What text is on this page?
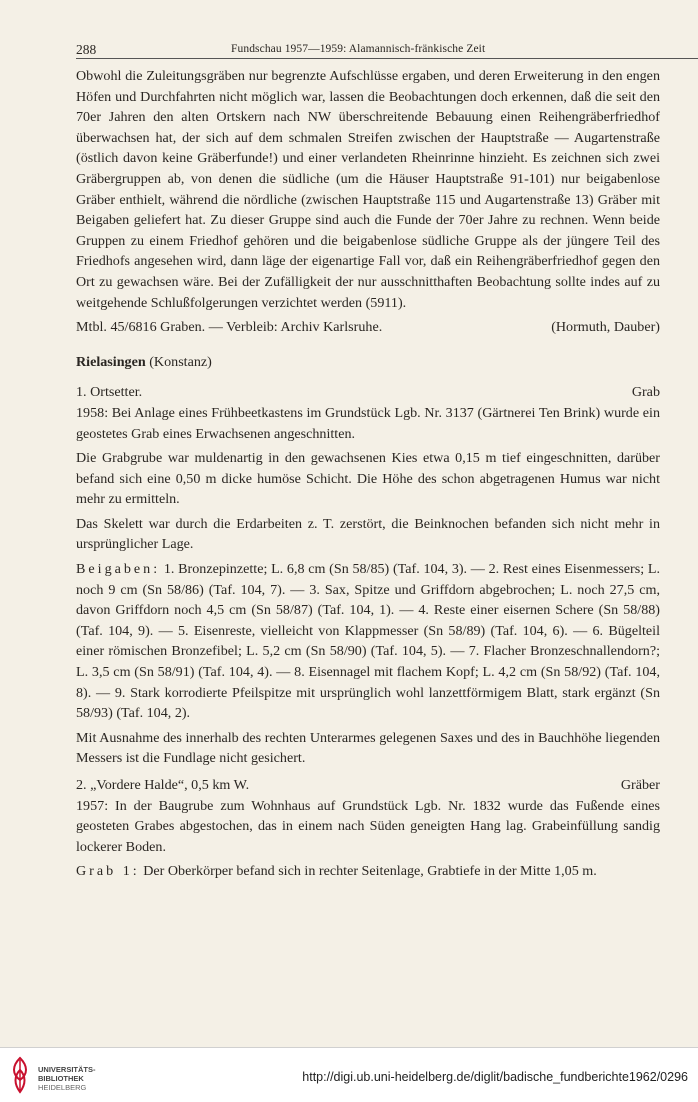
288	Fundschau 1957—1959: Alamannisch-fränkische Zeit

Obwohl die Zuleitungsgräben nur begrenzte Aufschlüsse ergaben, und deren Erweiterung in den engen Höfen und Durchfahrten nicht möglich war, lassen die Beobachtungen doch erkennen, daß die seit den 70er Jahren den alten Ortskern nach NW überschreitende Bebauung einen Reihengräberfriedhof überwachsen hat, der sich auf dem schmalen Streifen zwischen der Hauptstraße — Augartenstraße (östlich davon keine Gräberfunde!) und einer verlandeten Rheinrinne hinzieht. Es zeichnen sich zwei Gräbergruppen ab, von denen die südliche (um die Häuser Hauptstraße 91-101) nur beigabenlose Gräber enthielt, während die nördliche (zwischen Hauptstraße 115 und Augartenstraße 13) Gräber mit Beigaben geliefert hat. Zu dieser Gruppe sind auch die Funde der 70er Jahre zu rechnen. Wenn beide Gruppen zu einem Friedhof gehören und die beigabenlose südliche Gruppe als der jüngere Teil des Friedhofs angesehen wird, dann läge der eigenartige Fall vor, daß ein Reihengräberfriedhof gegen den Ort zu gewachsen wäre. Bei der Zufälligkeit der nur ausschnitthaften Beobachtung sollte indes auf zu weitgehende Schlußfolgerungen verzichtet werden (5911).

Mtbl. 45/6816 Graben. — Verbleib: Archiv Karlsruhe.	(Hormuth, Dauber)
Rielasingen (Konstanz)
1. Ortsetter.	Grab

1958: Bei Anlage eines Frühbeetkastens im Grundstück Lgb. Nr. 3137 (Gärtnerei Ten Brink) wurde ein geostetes Grab eines Erwachsenen angeschnitten.

Die Grabgrube war muldenartig in den gewachsenen Kies etwa 0,15 m tief eingeschnitten, darüber befand sich eine 0,50 m dicke humöse Schicht. Die Höhe des schon abgetragenen Humus war nicht mehr zu ermitteln.

Das Skelett war durch die Erdarbeiten z. T. zerstört, die Beinknochen befanden sich nicht mehr in ursprünglicher Lage.

Beigaben: 1. Bronzepinzette; L. 6,8 cm (Sn 58/85) (Taf. 104, 3). — 2. Rest eines Eisenmessers; L. noch 9 cm (Sn 58/86) (Taf. 104, 7). — 3. Sax, Spitze und Griffdorn abgebrochen; L. noch 27,5 cm, davon Griffdorn noch 4,5 cm (Sn 58/87) (Taf. 104, 1). — 4. Reste einer eisernen Schere (Sn 58/88) (Taf. 104, 9). — 5. Eisenreste, vielleicht von Klappmesser (Sn 58/89) (Taf. 104, 6). — 6. Bügelteil einer römischen Bronzefibel; L. 5,2 cm (Sn 58/90) (Taf. 104, 5). — 7. Flacher Bronzeschnallendorn?; L. 3,5 cm (Sn 58/91) (Taf. 104, 4). — 8. Eisennagel mit flachem Kopf; L. 4,2 cm (Sn 58/92) (Taf. 104, 8). — 9. Stark korrodierte Pfeilspitze mit ursprünglich wohl lanzettförmigem Blatt, stark ergänzt (Sn 58/93) (Taf. 104, 2).

Mit Ausnahme des innerhalb des rechten Unterarmes gelegenen Saxes und des in Bauchhöhe liegenden Messers ist die Fundlage nicht gesichert.

2. „Vordere Halde“, 0,5 km W.	Gräber

1957: In der Baugrube zum Wohnhaus auf Grundstück Lgb. Nr. 1832 wurde das Fußende eines geosteten Grabes abgestochen, das in einem nach Süden geneigten Hang lag. Grabeinfüllung sandig lockerer Boden.

Grab 1: Der Oberkörper befand sich in rechter Seitenlage, Grabtiefe in der Mitte 1,05 m.

UNIVERSITÄTS-
BIBLIOTHEK
HEIDELBERG
http://digi.ub.uni-heidelberg.de/diglit/badische_fundberichte1962/0296
